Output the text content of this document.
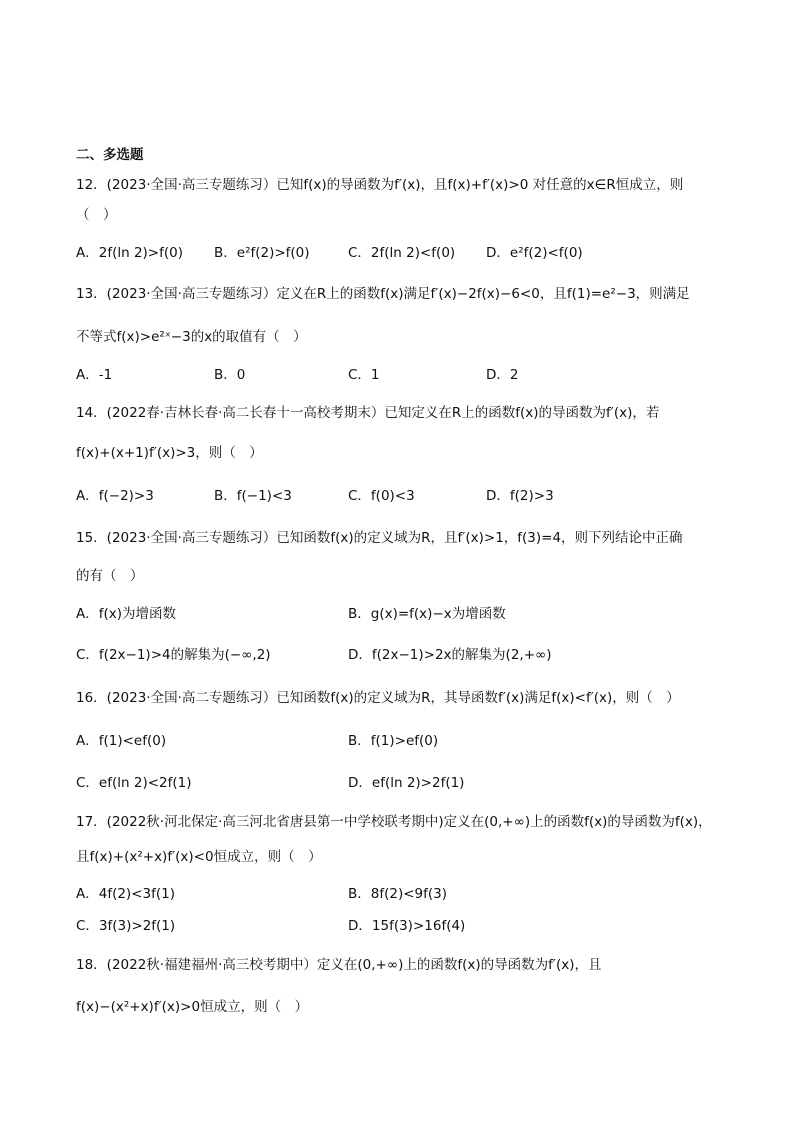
二、多选题
12．(2023·全国·高三专题练习）已知f(x)的导函数为f′(x)，且f(x)+f′(x)>0 对任意的x∈R恒成立，则
（　）
A．2f(ln 2)>f(0) B．e²f(2)>f(0)	C．2f(ln 2)<f(0) D．e²f(2)<f(0)
13．(2023·全国·高三专题练习）定义在R上的函数f(x)满足f′(x)−2f(x)−6<0，且f(1)=e²−3，则满足
不等式f(x)>e²ˣ−3的x的取值有（　）
A．-1	B．0	C．1	D．2
14．(2022春·吉林长春·高二长春十一高校考期末）已知定义在R上的函数f(x)的导函数为f′(x)，若
f(x)+(x+1)f′(x)>3，则（　）
A．f(−2)>3	B．f(−1)<3	C．f(0)<3	D．f(2)>3
15．(2023·全国·高三专题练习）已知函数f(x)的定义域为R，且f′(x)>1，f(3)=4，则下列结论中正确
的有（　）
A．f(x)为增函数	B．g(x)=f(x)−x为增函数
C．f(2x−1)>4的解集为(−∞,2)	D．f(2x−1)>2x的解集为(2,+∞)
16．(2023·全国·高二专题练习）已知函数f(x)的定义域为R，其导函数f′(x)满足f(x)<f′(x)，则（　）
A．f(1)<ef(0)	B．f(1)>ef(0)
C．ef(ln 2)<2f(1)	D．ef(ln 2)>2f(1)
17．(2022秋·河北保定·高三河北省唐县第一中学校联考期中)定义在(0,+∞)上的函数f(x)的导函数为f(x)，
且f(x)+(x²+x)f′(x)<0恒成立，则（　）
A．4f(2)<3f(1)	B．8f(2)<9f(3)
C．3f(3)>2f(1)	D．15f(3)>16f(4)
18．(2022秋·福建福州·高三校考期中）定义在(0,+∞)上的函数f(x)的导函数为f′(x)，且
f(x)−(x²+x)f′(x)>0恒成立，则（　）
